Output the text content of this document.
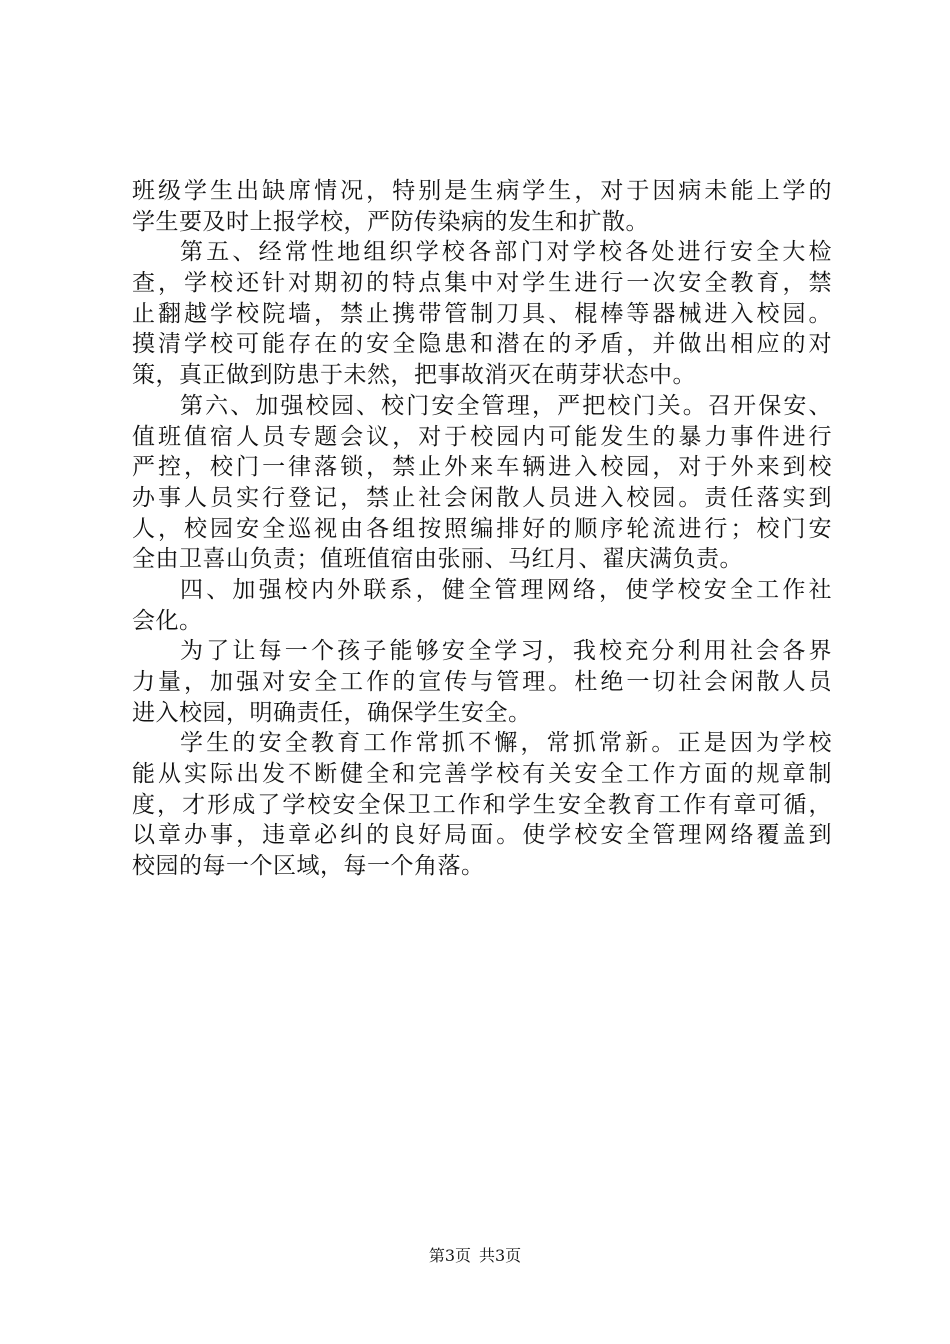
班级学生出缺席情况，特别是生病学生，对于因病未能上学的
学生要及时上报学校，严防传染病的发生和扩散。
第五、经常性地组织学校各部门对学校各处进行安全大检
查，学校还针对期初的特点集中对学生进行一次安全教育，禁
止翻越学校院墙，禁止携带管制刀具、棍棒等器械进入校园。
摸清学校可能存在的安全隐患和潜在的矛盾，并做出相应的对
策，真正做到防患于未然，把事故消灭在萌芽状态中。
第六、加强校园、校门安全管理，严把校门关。召开保安、
值班值宿人员专题会议，对于校园内可能发生的暴力事件进行
严控，校门一律落锁，禁止外来车辆进入校园，对于外来到校
办事人员实行登记，禁止社会闲散人员进入校园。责任落实到
人，校园安全巡视由各组按照编排好的顺序轮流进行；校门安
全由卫喜山负责；值班值宿由张丽、马红月、翟庆满负责。
四、加强校内外联系，健全管理网络，使学校安全工作社
会化。
为了让每一个孩子能够安全学习，我校充分利用社会各界
力量，加强对安全工作的宣传与管理。杜绝一切社会闲散人员
进入校园，明确责任，确保学生安全。
学生的安全教育工作常抓不懈，常抓常新。正是因为学校
能从实际出发不断健全和完善学校有关安全工作方面的规章制
度，才形成了学校安全保卫工作和学生安全教育工作有章可循，
以章办事，违章必纠的良好局面。使学校安全管理网络覆盖到
校园的每一个区域，每一个角落。
第3页 共3页
